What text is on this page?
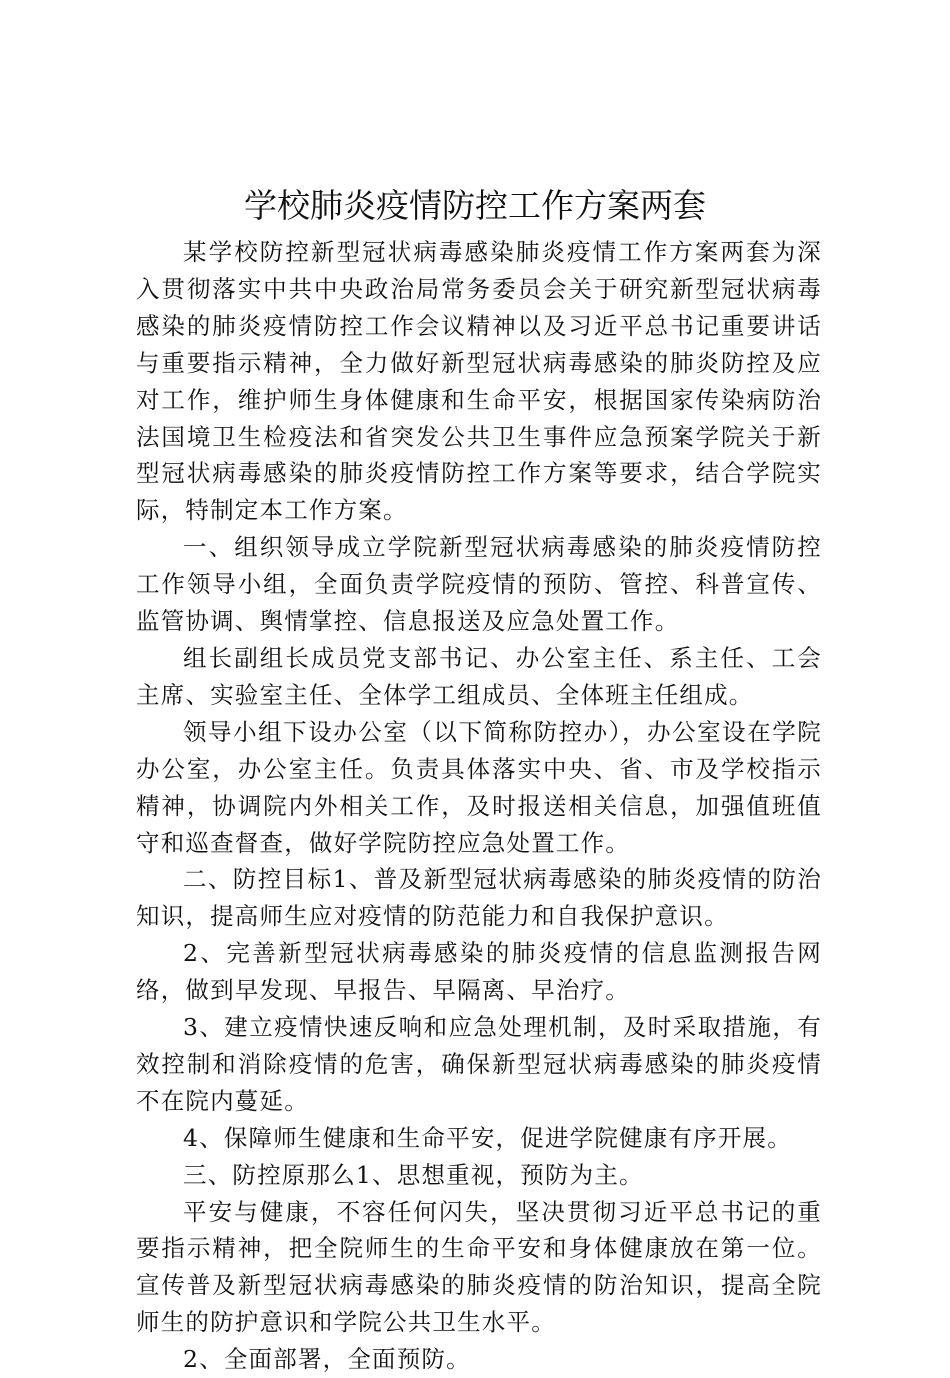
学校肺炎疫情防控工作方案两套

某学校防控新型冠状病毒感染肺炎疫情工作方案两套为深入贯彻落实中共中央政治局常务委员会关于研究新型冠状病毒感染的肺炎疫情防控工作会议精神以及习近平总书记重要讲话与重要指示精神，全力做好新型冠状病毒感染的肺炎防控及应对工作，维护师生身体健康和生命平安，根据国家传染病防治法国境卫生检疫法和省突发公共卫生事件应急预案学院关于新型冠状病毒感染的肺炎疫情防控工作方案等要求，结合学院实际，特制定本工作方案。

一、组织领导成立学院新型冠状病毒感染的肺炎疫情防控工作领导小组，全面负责学院疫情的预防、管控、科普宣传、监管协调、舆情掌控、信息报送及应急处置工作。

组长副组长成员党支部书记、办公室主任、系主任、工会主席、实验室主任、全体学工组成员、全体班主任组成。

领导小组下设办公室（以下简称防控办），办公室设在学院办公室，办公室主任。负责具体落实中央、省、市及学校指示精神，协调院内外相关工作，及时报送相关信息，加强值班值守和巡查督查，做好学院防控应急处置工作。

二、防控目标1、普及新型冠状病毒感染的肺炎疫情的防治知识，提高师生应对疫情的防范能力和自我保护意识。

2、完善新型冠状病毒感染的肺炎疫情的信息监测报告网络，做到早发现、早报告、早隔离、早治疗。

3、建立疫情快速反响和应急处理机制，及时采取措施，有效控制和消除疫情的危害，确保新型冠状病毒感染的肺炎疫情不在院内蔓延。

4、保障师生健康和生命平安，促进学院健康有序开展。

三、防控原那么1、思想重视，预防为主。

平安与健康，不容任何闪失，坚决贯彻习近平总书记的重要指示精神，把全院师生的生命平安和身体健康放在第一位。宣传普及新型冠状病毒感染的肺炎疫情的防治知识，提高全院师生的防护意识和学院公共卫生水平。

2、全面部署，全面预防。
